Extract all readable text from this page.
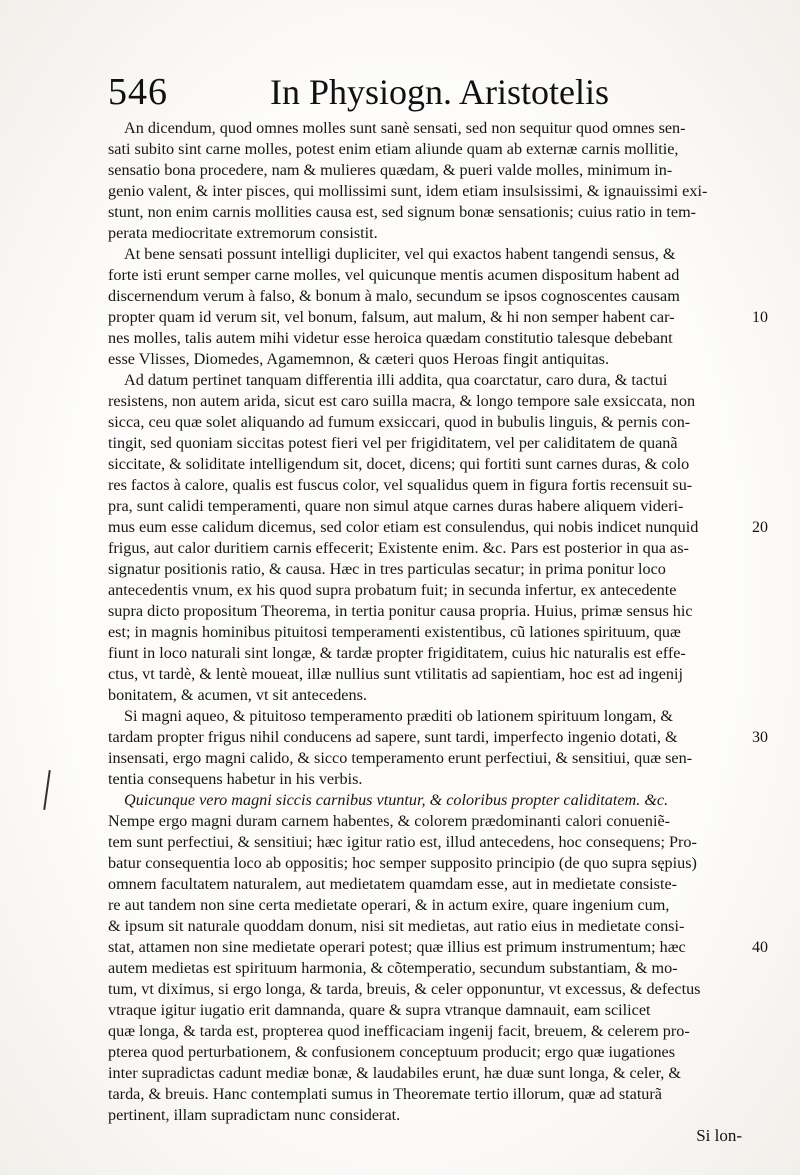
546	In Physiogn. Aristotelis
An dicendum, quod omnes molles sunt sanè sensati, sed non sequitur quod omnes sen-
sati subito sint carne molles, potest enim etiam aliunde quam ab externæ carnis mollitie,
sensatio bona procedere, nam & mulieres quædam, & pueri valde molles, minimum in-
genio valent, & inter pisces, qui mollissimi sunt, idem etiam insulsissimi, & ignauissimi exi-
stunt, non enim carnis mollities causa est, sed signum bonæ sensationis; cuius ratio in tem-
perata mediocritate extremorum consistit.
At bene sensati possunt intelligi dupliciter, vel qui exactos habent tangendi sensus, &
forte isti erunt semper carne molles, vel quicunque mentis acumen dispositum habent ad
discernendum verum à falso, & bonum à malo, secundum se ipsos cognoscentes causam
propter quam id verum sit, vel bonum, falsum, aut malum, & hi non semper habent car-
nes molles, talis autem mihi videtur esse heroica quædam constitutio talesque debebant
esse Vlisses, Diomedes, Agamemnon, & cæteri quos Heroas fingit antiquitas.
Ad datum pertinet tanquam differentia illi addita, qua coarctatur, caro dura, & tactui
resistens, non autem arida, sicut est caro suilla macra, & longo tempore sale exsiccata, non
sicca, ceu quæ solet aliquando ad fumum exsiccari, quod in bubulis linguis, & pernis con-
tingit, sed quoniam siccitas potest fieri vel per frigiditatem, vel per caliditatem de quanã
siccitate, & soliditate intelligendum sit, docet, dicens; qui fortiti sunt carnes duras, & colo
res factos à calore, qualis est fuscus color, vel squalidus quem in figura fortis recensuit su-
pra, sunt calidi temperamenti, quare non simul atque carnes duras habere aliquem videri-
mus eum esse calidum dicemus, sed color etiam est consulendus, qui nobis indicet nunquid
frigus, aut calor duritiem carnis effecerit; Existente enim. &c. Pars est posterior in qua as-
signatur positionis ratio, & causa. Hæc in tres particulas secatur; in prima ponitur loco
antecedentis vnum, ex his quod supra probatum fuit; in secunda infertur, ex antecedente
supra dicto propositum Theorema, in tertia ponitur causa propria. Huius, primæ sensus hic
est; in magnis hominibus pituitosi temperamenti existentibus, cũ lationes spirituum, quæ
fiunt in loco naturali sint longæ, & tardæ propter frigiditatem, cuius hic naturalis est effe-
ctus, vt tardè, & lentè moueat, illæ nullius sunt vtilitatis ad sapientiam, hoc est ad ingenij
bonitatem, & acumen, vt sit antecedens.
Si magni aqueo, & pituitoso temperamento præditi ob lationem spirituum longam, &
tardam propter frigus nihil conducens ad sapere, sunt tardi, imperfecto ingenio dotati, &
insensati, ergo magni calido, & sicco temperamento erunt perfectiui, & sensitiui, quæ sen-
tentia consequens habetur in his verbis.
Quicunque vero magni siccis carnibus vtuntur, & coloribus propter caliditatem. &c.
Nempe ergo magni duram carnem habentes, & colorem prædominanti calori conueniẽ-
tem sunt perfectiui, & sensitiui; hæc igitur ratio est, illud antecedens, hoc consequens; Pro-
batur consequentia loco ab oppositis; hoc semper supposito principio (de quo supra sępius)
omnem facultatem naturalem, aut medietatem quamdam esse, aut in medietate consiste-
re aut tandem non sine certa medietate operari, & in actum exire, quare ingenium cum,
& ipsum sit naturale quoddam donum, nisi sit medietas, aut ratio eius in medietate consi-
stat, attamen non sine medietate operari potest; quæ illius est primum instrumentum; hæc
autem medietas est spirituum harmonia, & cõtemperatio, secundum substantiam, & mo-
tum, vt diximus, si ergo longa, & tarda, breuis, & celer opponuntur, vt excessus, & defectus
vtraque igitur iugatio erit damnanda, quare & supra vtranque damnauit, eam scilicet
quæ longa, & tarda est, propterea quod inefficaciam ingenij facit, breuem, & celerem pro-
pterea quod perturbationem, & confusionem conceptuum producit; ergo quæ iugationes
inter supradictas cadunt mediæ bonæ, & laudabiles erunt, hæ duæ sunt longa, & celer, &
tarda, & breuis. Hanc contemplati sumus in Theoremate tertio illorum, quæ ad staturã
pertinent, illam supradictam nunc considerat.
10
20
30
40
Si lon-
